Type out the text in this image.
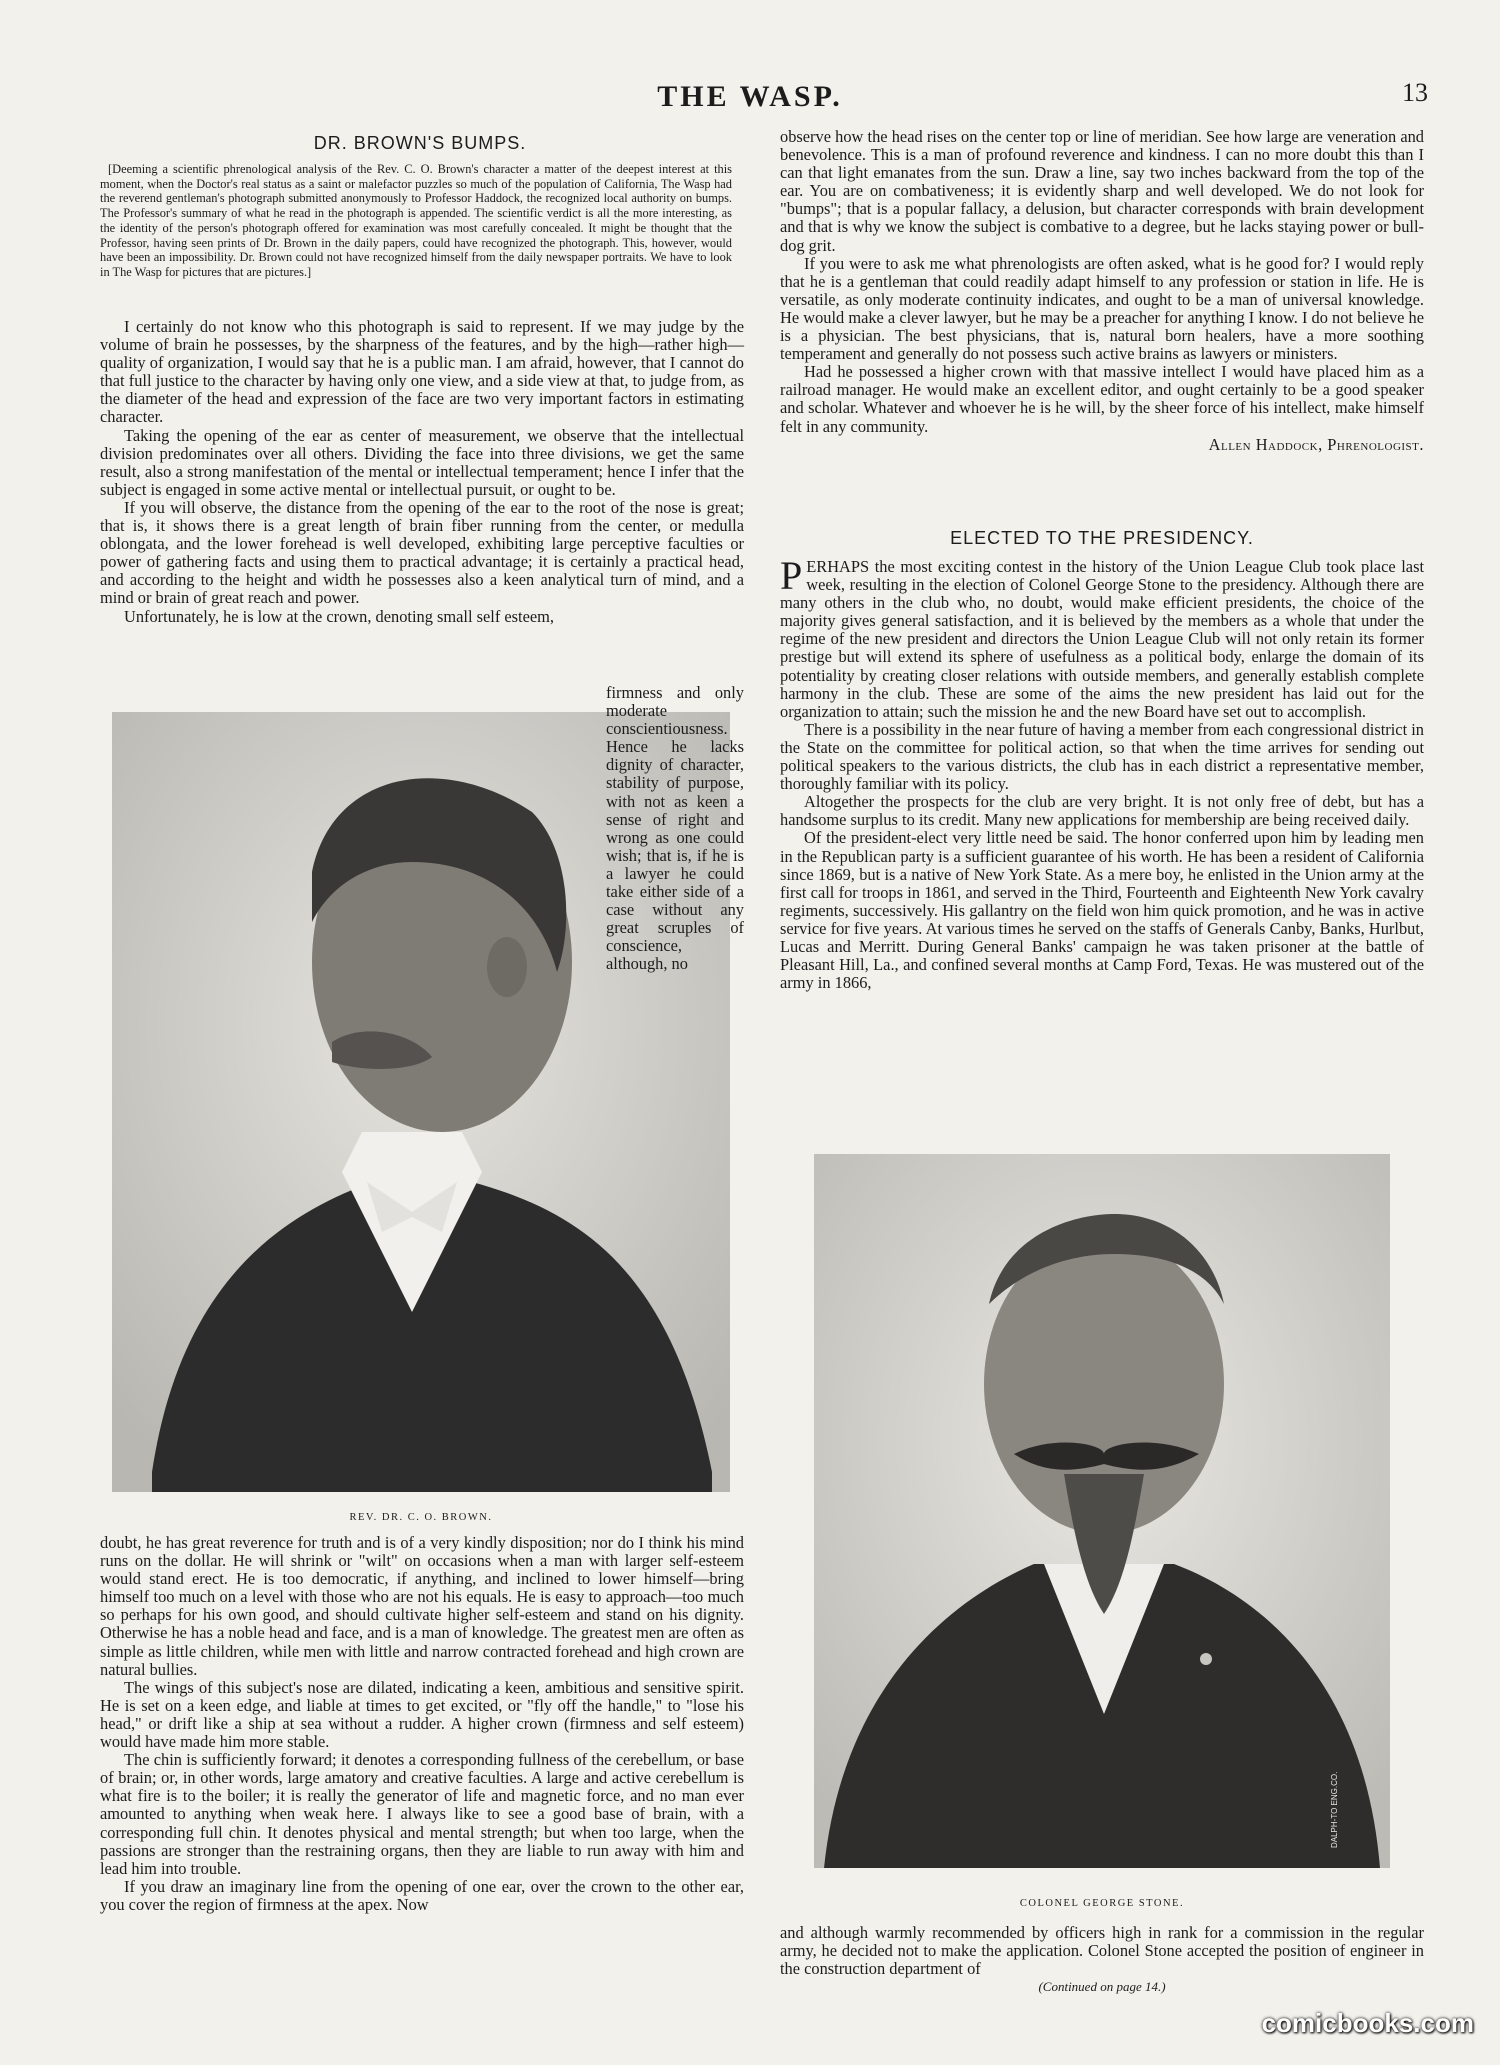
THE WASP.	13
DR. BROWN'S BUMPS.

[Deeming a scientific phrenological analysis of the Rev. C. O. Brown's character a matter of the deepest interest at this moment, when the Doctor's real status as a saint or malefactor puzzles so much of the population of California, The Wasp had the reverend gentleman's photograph submitted anonymously to Professor Haddock, the recognized local authority on bumps. The Professor's summary of what he read in the photograph is appended. The scientific verdict is all the more interesting, as the identity of the person's photograph offered for examination was most carefully concealed. It might be thought that the Professor, having seen prints of Dr. Brown in the daily papers, could have recognized the photograph. This, however, would have been an impossibility. Dr. Brown could not have recognized himself from the daily newspaper portraits. We have to look in The Wasp for pictures that are pictures.]

I certainly do not know who this photograph is said to represent. If we may judge by the volume of brain he possesses, by the sharpness of the features, and by the high—rather high—quality of organization, I would say that he is a public man. I am afraid, however, that I cannot do that full justice to the character by having only one view, and a side view at that, to judge from, as the diameter of the head and expression of the face are two very important factors in estimating character.

Taking the opening of the ear as center of measurement, we observe that the intellectual division predominates over all others. Dividing the face into three divisions, we get the same result, also a strong manifestation of the mental or intellectual temperament; hence I infer that the subject is engaged in some active mental or intellectual pursuit, or ought to be.

If you will observe, the distance from the opening of the ear to the root of the nose is great; that is, it shows there is a great length of brain fiber running from the center, or medulla oblongata, and the lower forehead is well developed, exhibiting large perceptive faculties or power of gathering facts and using them to practical advantage; it is certainly a practical head, and according to the height and width he possesses also a keen analytical turn of mind, and a mind or brain of great reach and power.

Unfortunately, he is low at the crown, denoting small self esteem,

firmness and only moderate conscientiousness. Hence he lacks dignity of character, stability of purpose, with not as keen a sense of right and wrong as one could wish; that is, if he is a lawyer he could take either side of a case without any great scruples of conscience, although, no

REV. DR. C. O. BROWN.

doubt, he has great reverence for truth and is of a very kindly disposition; nor do I think his mind runs on the dollar. He will shrink or "wilt" on occasions when a man with larger self-esteem would stand erect. He is too democratic, if anything, and inclined to lower himself—bring himself too much on a level with those who are not his equals. He is easy to approach—too much so perhaps for his own good, and should cultivate higher self-esteem and stand on his dignity. Otherwise he has a noble head and face, and is a man of knowledge. The greatest men are often as simple as little children, while men with little and narrow contracted forehead and high crown are natural bullies.

The wings of this subject's nose are dilated, indicating a keen, ambitious and sensitive spirit. He is set on a keen edge, and liable at times to get excited, or "fly off the handle," to "lose his head," or drift like a ship at sea without a rudder. A higher crown (firmness and self esteem) would have made him more stable.

The chin is sufficiently forward; it denotes a corresponding fullness of the cerebellum, or base of brain; or, in other words, large amatory and creative faculties. A large and active cerebellum is what fire is to the boiler; it is really the generator of life and magnetic force, and no man ever amounted to anything when weak here. I always like to see a good base of brain, with a corresponding full chin. It denotes physical and mental strength; but when too large, when the passions are stronger than the restraining organs, then they are liable to run away with him and lead him into trouble.

If you draw an imaginary line from the opening of one ear, over the crown to the other ear, you cover the region of firmness at the apex. Now

observe how the head rises on the center top or line of meridian. See how large are veneration and benevolence. This is a man of profound reverence and kindness. I can no more doubt this than I can that light emanates from the sun. Draw a line, say two inches backward from the top of the ear. You are on combativeness; it is evidently sharp and well developed. We do not look for "bumps"; that is a popular fallacy, a delusion, but character corresponds with brain development and that is why we know the subject is combative to a degree, but he lacks staying power or bull-dog grit.

If you were to ask me what phrenologists are often asked, what is he good for? I would reply that he is a gentleman that could readily adapt himself to any profession or station in life. He is versatile, as only moderate continuity indicates, and ought to be a man of universal knowledge. He would make a clever lawyer, but he may be a preacher for anything I know. I do not believe he is a physician. The best physicians, that is, natural born healers, have a more soothing temperament and generally do not possess such active brains as lawyers or ministers.

Had he possessed a higher crown with that massive intellect I would have placed him as a railroad manager. He would make an excellent editor, and ought certainly to be a good speaker and scholar. Whatever and whoever he is he will, by the sheer force of his intellect, make himself felt in any community.

Allen Haddock, Phrenologist.

ELECTED TO THE PRESIDENCY.

PERHAPS the most exciting contest in the history of the Union League Club took place last week, resulting in the election of Colonel George Stone to the presidency. Although there are many others in the club who, no doubt, would make efficient presidents, the choice of the majority gives general satisfaction, and it is believed by the members as a whole that under the regime of the new president and directors the Union League Club will not only retain its former prestige but will extend its sphere of usefulness as a political body, enlarge the domain of its potentiality by creating closer relations with outside members, and generally establish complete harmony in the club. These are some of the aims the new president has laid out for the organization to attain; such the mission he and the new Board have set out to accomplish.

There is a possibility in the near future of having a member from each congressional district in the State on the committee for political action, so that when the time arrives for sending out political speakers to the various districts, the club has in each district a representative member, thoroughly familiar with its policy.

Altogether the prospects for the club are very bright. It is not only free of debt, but has a handsome surplus to its credit. Many new applications for membership are being received daily.

Of the president-elect very little need be said. The honor conferred upon him by leading men in the Republican party is a sufficient guarantee of his worth. He has been a resident of California since 1869, but is a native of New York State. As a mere boy, he enlisted in the Union army at the first call for troops in 1861, and served in the Third, Fourteenth and Eighteenth New York cavalry regiments, successively. His gallantry on the field won him quick promotion, and he was in active service for five years. At various times he served on the staffs of Generals Canby, Banks, Hurlbut, Lucas and Merritt. During General Banks' campaign he was taken prisoner at the battle of Pleasant Hill, La., and confined several months at Camp Ford, Texas. He was mustered out of the army in 1866,

DALPH-TO ENG.CO.
COLONEL GEORGE STONE.

and although warmly recommended by officers high in rank for a commission in the regular army, he decided not to make the application. Colonel Stone accepted the position of engineer in the construction department of

(Continued on page 14.)
comicbooks.com
